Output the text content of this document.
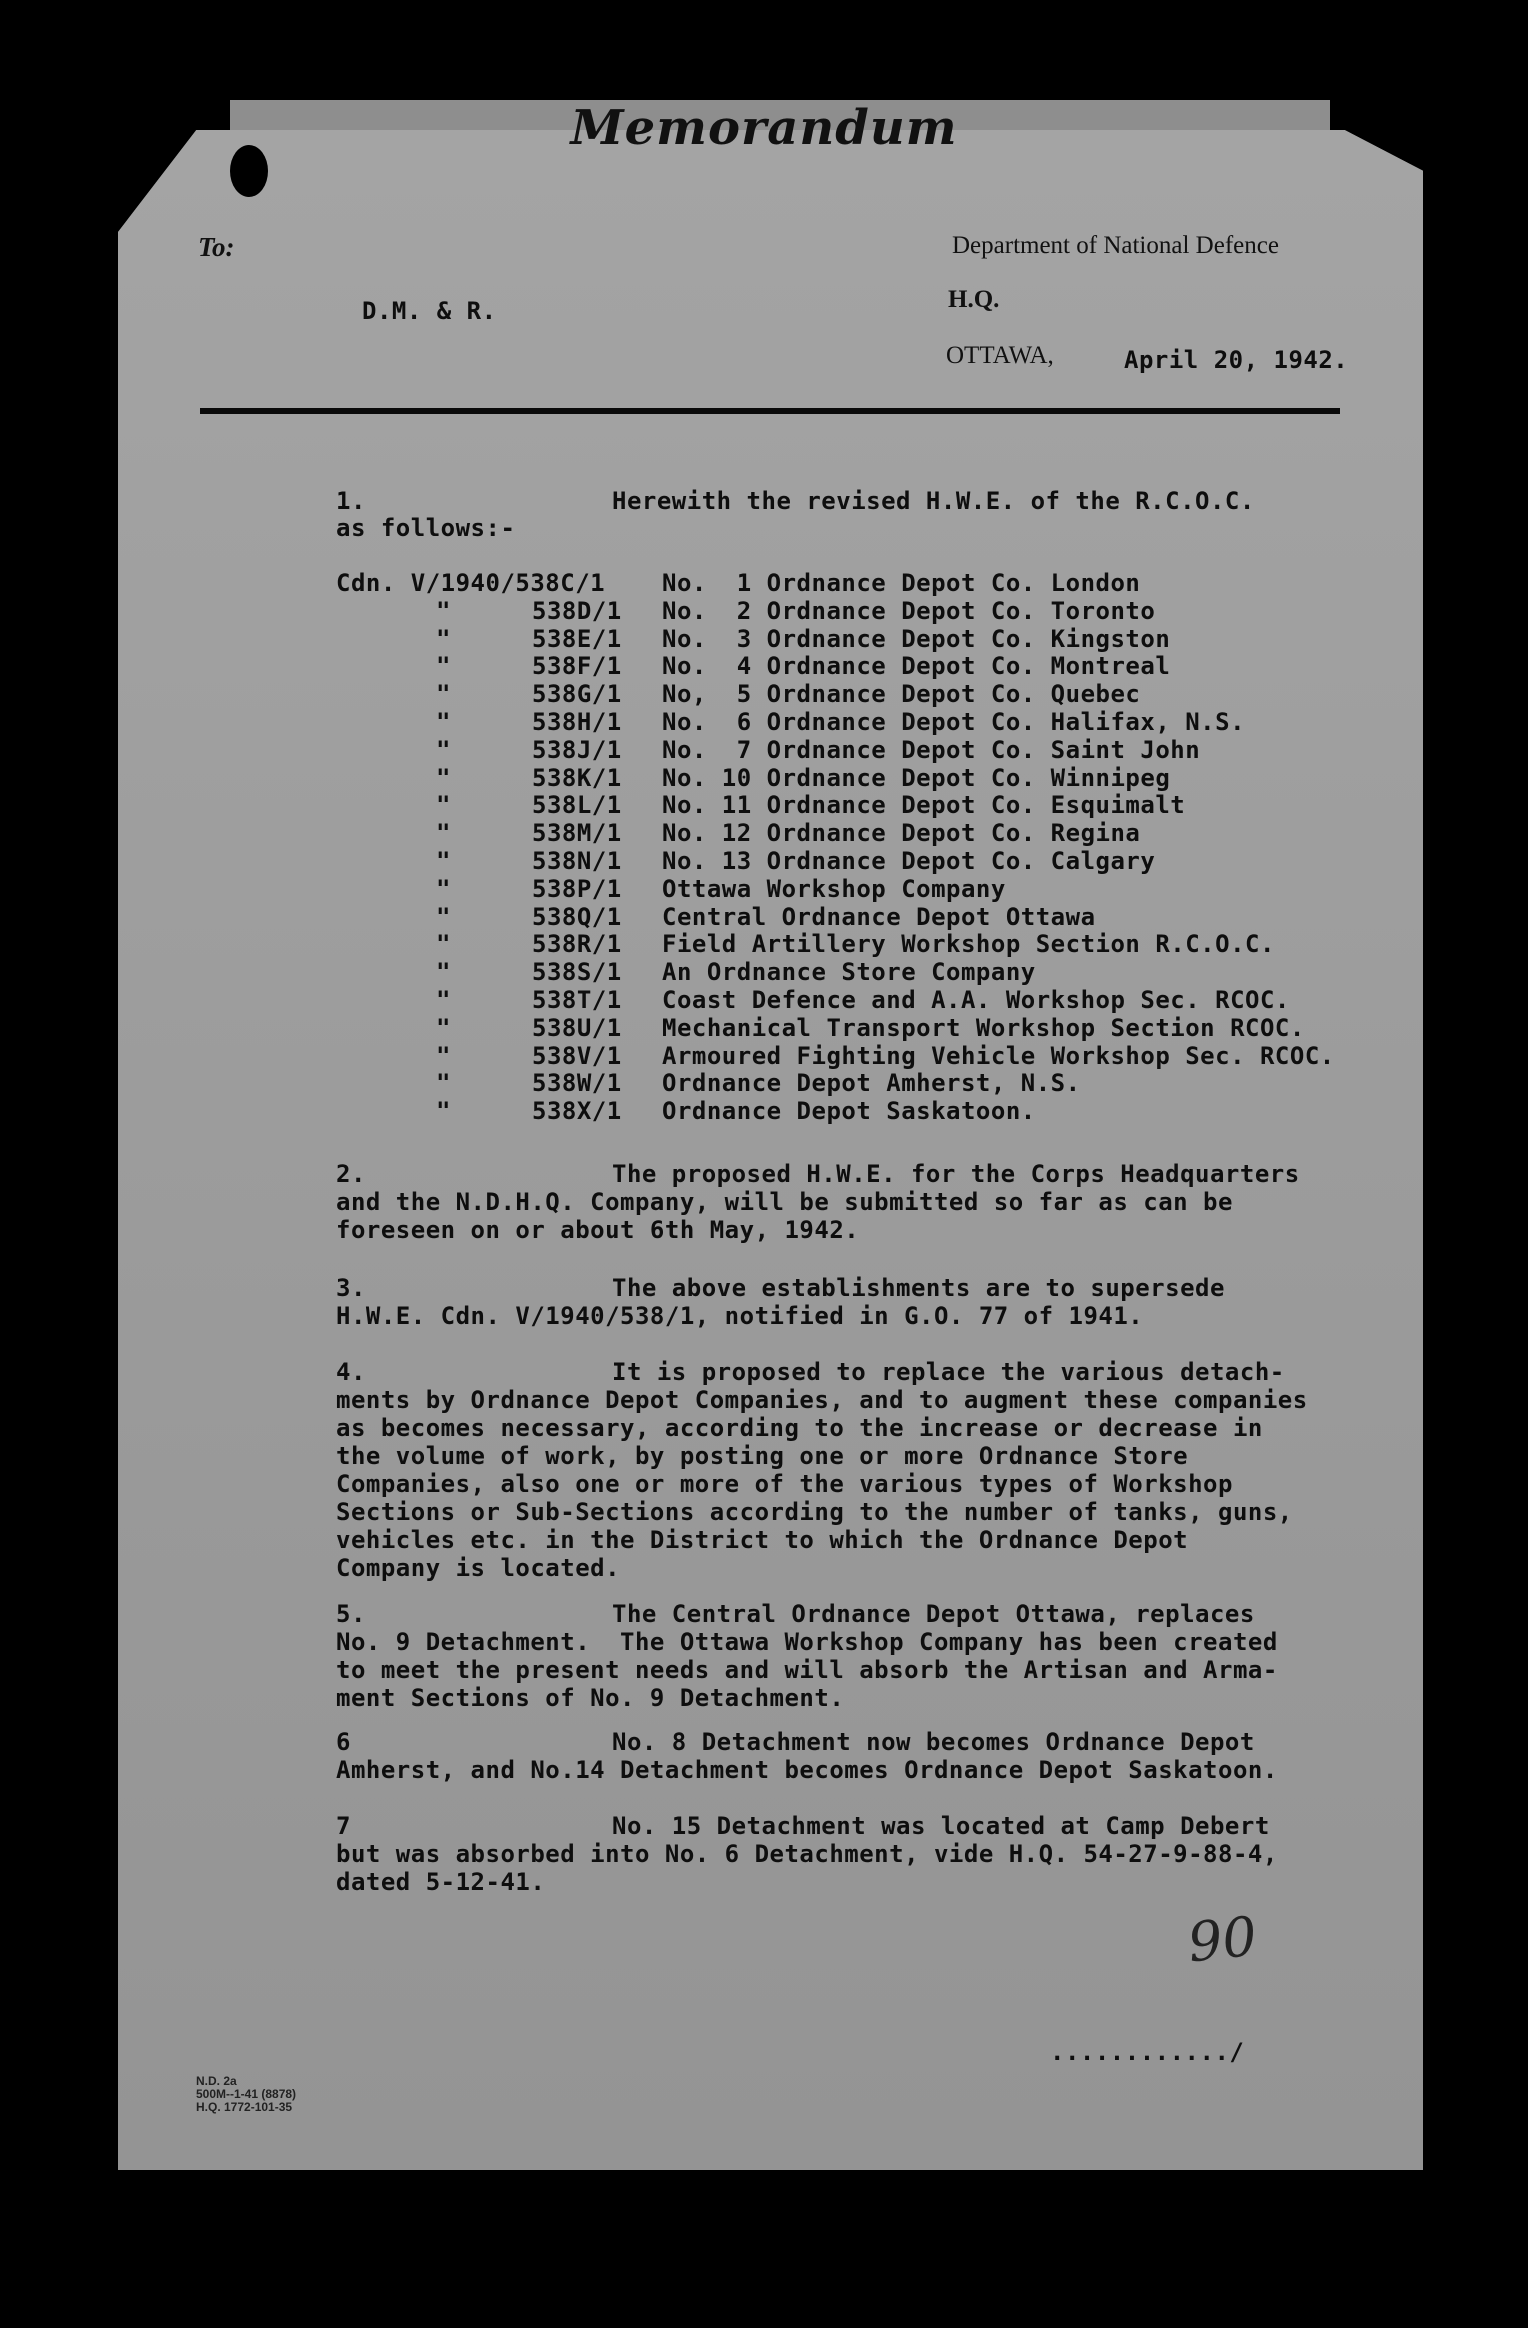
Memorandum
To:
D.M. & R.
Department of National Defence
H.Q.
OTTAWA,	April 20, 1942.
1.	Herewith the revised H.W.E. of the R.C.O.C.
as follows:-
Cdn. V/1940/538C/1 No.  1 Ordnance Depot Co. London
"	538D/1 No.  2 Ordnance Depot Co. Toronto
"	538E/1 No.  3 Ordnance Depot Co. Kingston
"	538F/1 No.  4 Ordnance Depot Co. Montreal
"	538G/1 No,  5 Ordnance Depot Co. Quebec
"	538H/1 No.  6 Ordnance Depot Co. Halifax, N.S.
"	538J/1 No.  7 Ordnance Depot Co. Saint John
"	538K/1 No. 10 Ordnance Depot Co. Winnipeg
"	538L/1 No. 11 Ordnance Depot Co. Esquimalt
"	538M/1 No. 12 Ordnance Depot Co. Regina
"	538N/1 No. 13 Ordnance Depot Co. Calgary
"	538P/1 Ottawa Workshop Company
"	538Q/1 Central Ordnance Depot Ottawa
"	538R/1 Field Artillery Workshop Section R.C.O.C.
"	538S/1 An Ordnance Store Company
"	538T/1 Coast Defence and A.A. Workshop Sec. RCOC.
"	538U/1 Mechanical Transport Workshop Section RCOC.
"	538V/1 Armoured Fighting Vehicle Workshop Sec. RCOC.
"	538W/1 Ordnance Depot Amherst, N.S.
"	538X/1 Ordnance Depot Saskatoon.
2.	The proposed H.W.E. for the Corps Headquarters
and the N.D.H.Q. Company, will be submitted so far as can be
foreseen on or about 6th May, 1942.
3.	The above establishments are to supersede
H.W.E. Cdn. V/1940/538/1, notified in G.O. 77 of 1941.
4.	It is proposed to replace the various detach-
ments by Ordnance Depot Companies, and to augment these companies
as becomes necessary, according to the increase or decrease in
the volume of work, by posting one or more Ordnance Store
Companies, also one or more of the various types of Workshop
Sections or Sub-Sections according to the number of tanks, guns,
vehicles etc. in the District to which the Ordnance Depot
Company is located.
5.	The Central Ordnance Depot Ottawa, replaces
No. 9 Detachment.  The Ottawa Workshop Company has been created
to meet the present needs and will absorb the Artisan and Arma-
ment Sections of No. 9 Detachment.
6	No. 8 Detachment now becomes Ordnance Depot
Amherst, and No.14 Detachment becomes Ordnance Depot Saskatoon.
7	No. 15 Detachment was located at Camp Debert
but was absorbed into No. 6 Detachment, vide H.Q. 54-27-9-88-4,
dated 5-12-41.
90
............/
N.D. 2a
500M--1-41 (8878)
H.Q. 1772-101-35
